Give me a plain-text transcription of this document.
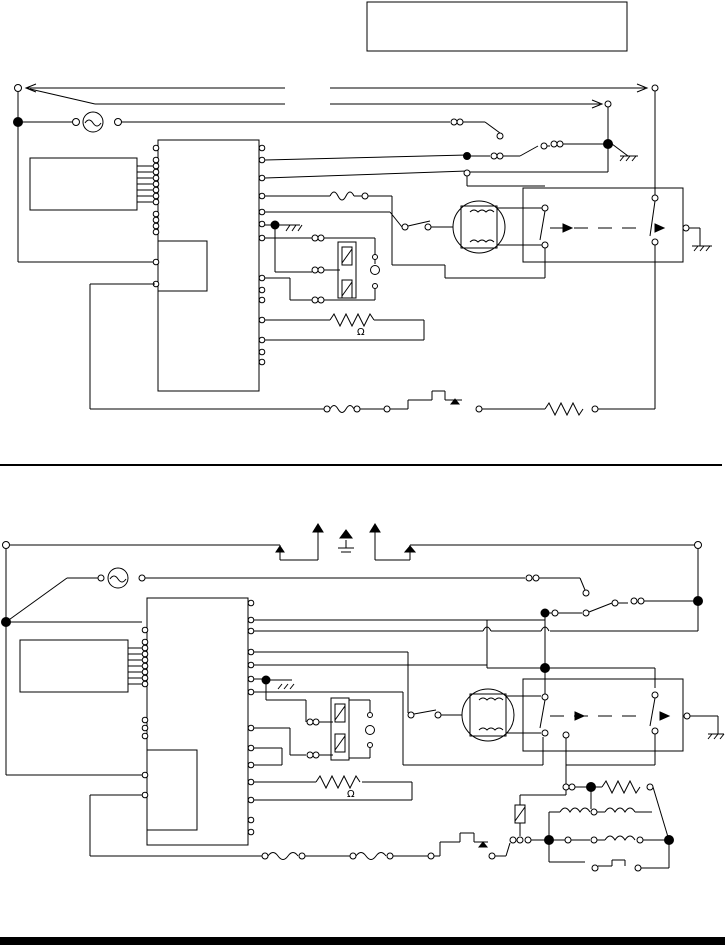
Ω
Ω
